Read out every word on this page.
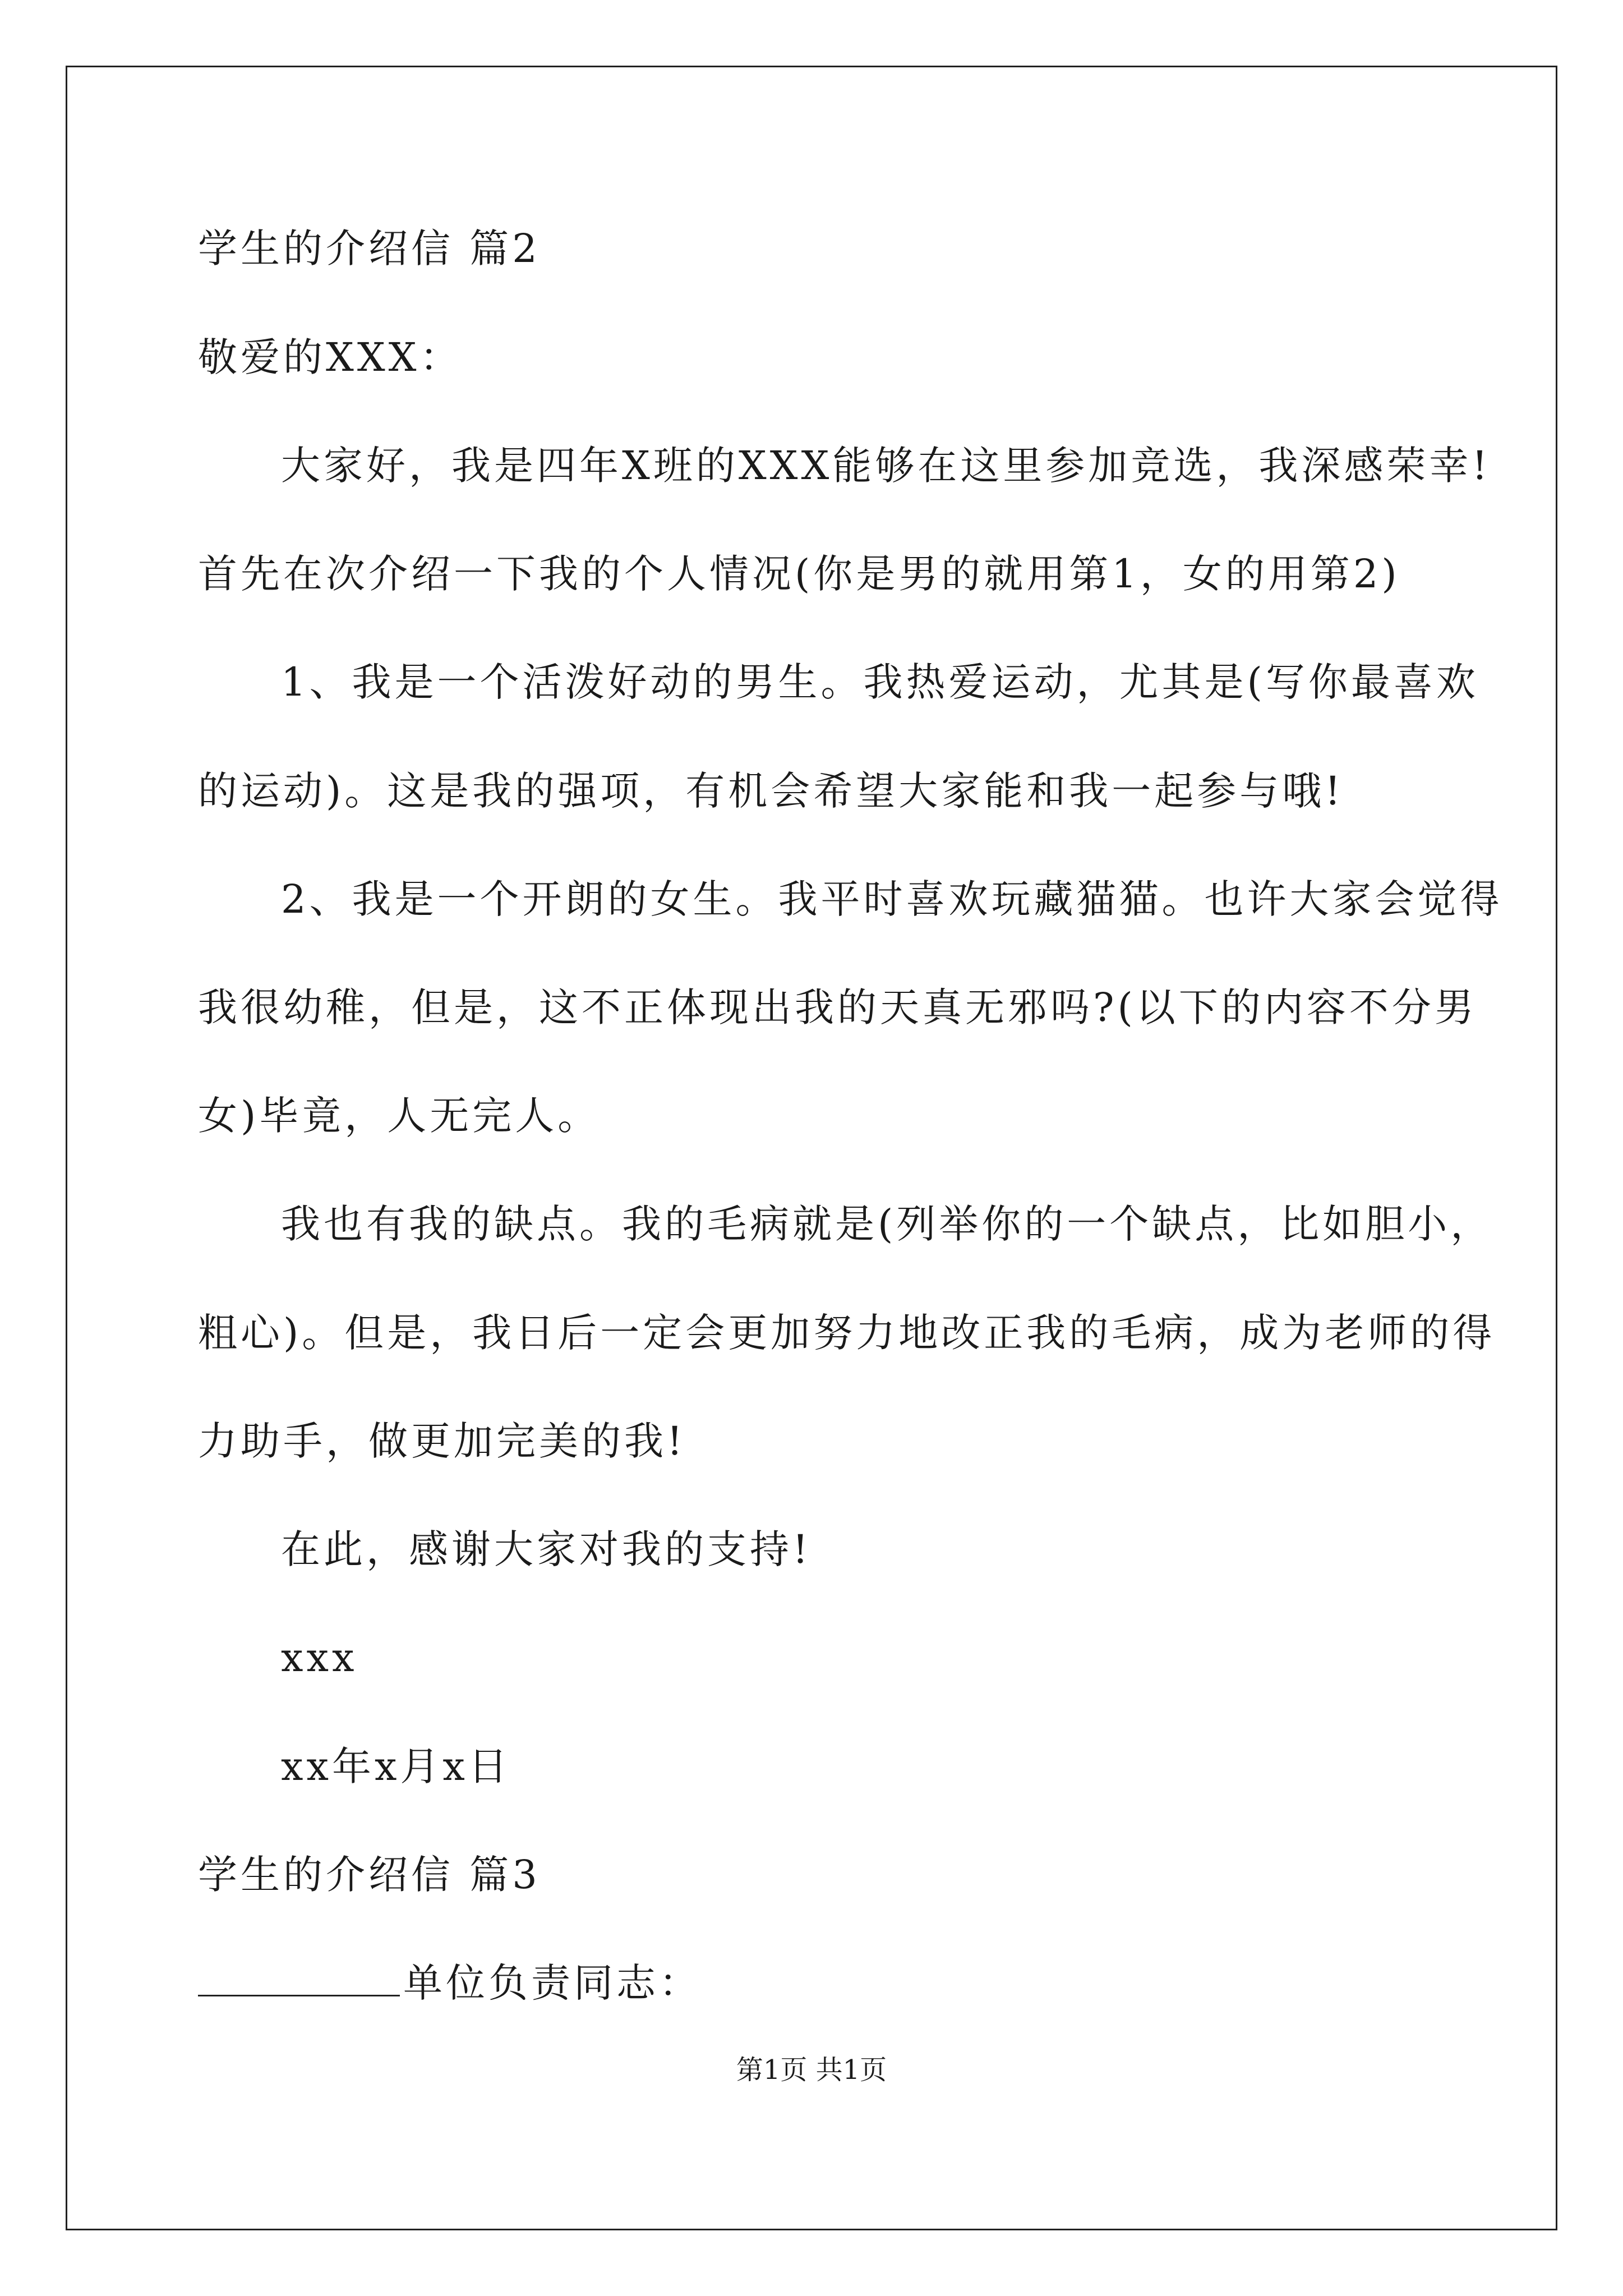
学生的介绍信 篇2
敬爱的XXX：
大家好，我是四年X班的XXX能够在这里参加竞选，我深感荣幸!
首先在次介绍一下我的个人情况(你是男的就用第1，女的用第2)
1、我是一个活泼好动的男生。我热爱运动，尤其是(写你最喜欢
的运动)。这是我的强项，有机会希望大家能和我一起参与哦!
2、我是一个开朗的女生。我平时喜欢玩藏猫猫。也许大家会觉得
我很幼稚，但是，这不正体现出我的天真无邪吗?(以下的内容不分男
女)毕竟，人无完人。
我也有我的缺点。我的毛病就是(列举你的一个缺点，比如胆小，
粗心)。但是，我日后一定会更加努力地改正我的毛病，成为老师的得
力助手，做更加完美的我!
在此，感谢大家对我的支持!
xxx
xx年x月x日
学生的介绍信 篇3
单位负责同志：
第1页 共1页
